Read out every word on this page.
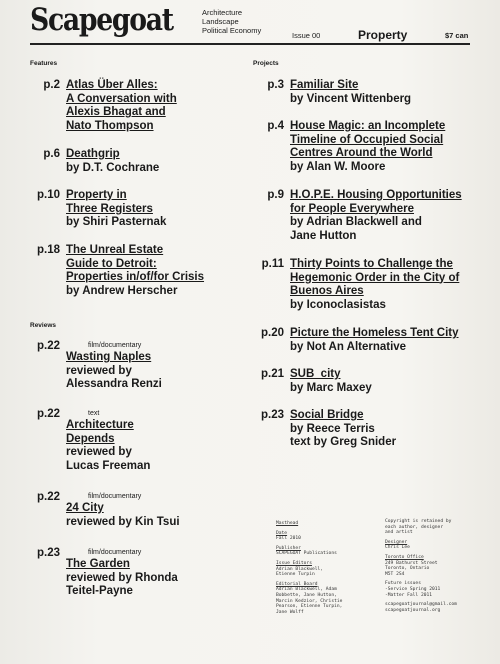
Scapegoat	Architecture
Landscape
Political Economy
Issue 00	Property	$7 can
Features	Projects
Reviews
p.2 Atlas Über Alles:
A Conversation with
Alexis Bhagat and
Nato Thompson
p.6 Deathgrip
by D.T. Cochrane
p.10 Property in
Three Registers
by Shiri Pasternak
p.18 The Unreal Estate
Guide to Detroit:
Properties in/of/for Crisis
by Andrew Herscher
p.22	film/documentary
Wasting Naples
reviewed by
Alessandra Renzi
p.22	text
Architecture
Depends
reviewed by
Lucas Freeman
p.22	film/documentary
24 City
reviewed by Kin Tsui
p.23	film/documentary
The Garden
reviewed by Rhonda
Teitel-Payne
p.3 Familiar Site
by Vincent Wittenberg
p.4 House Magic: an Incomplete
Timeline of Occupied Social
Centres Around the World
by Alan W. Moore
p.9 H.O.P.E. Housing Opportunities
for People Everywhere
by Adrian Blackwell and
Jane Hutton
p.11 Thirty Points to Challenge the
Hegemonic Order in the City of
Buenos Aires
by Iconoclasistas
p.20 Picture the Homeless Tent City
by Not An Alternative
p.21 SUB_city
by Marc Maxey
p.23 Social Bridge
by Reece Terris
text by Greg Snider
Masthead
Date
Fall 2010
Publisher
SCAPEGOAT Publications
Issue Editors
Adrian Blackwell,
Etienne Turpin
Editorial Board
Adrian Blackwell, Adam
Bobbette, Jane Hutton,
Marcin Kedzior, Christie
Pearson, Etienne Turpin,
Jane Wolff
Copyright is retained by
each author, designer
and artist
Designer
Chris Lee
Toronto Office
249 Bathurst Street
Toronto, Ontario
M5T 2S4
Future issues
-Service Spring 2011
-Matter Fall 2011
scapegoatjournal@gmail.com
scapegoatjournal.org
